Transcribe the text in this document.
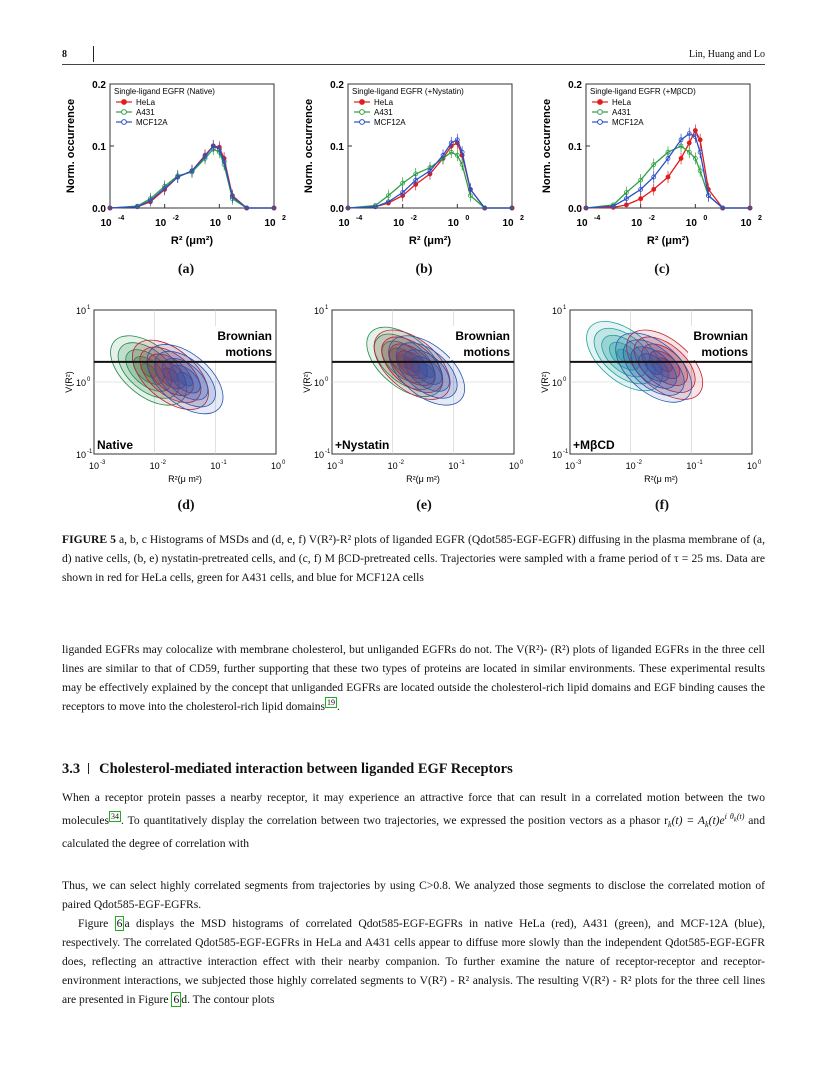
8	Lin, Huang and Lo
0.2
0.1
0.0
10 -4	10 -2	10 0	10 2
R² (μm²)
Norm. occurrence
Single-ligand EGFR (Native)
HeLa
A431
MCF12A
0.2
0.1
0.0
10 -4	10 -2	10 0	10 2
R² (μm²)
Norm. occurrence
Single-ligand EGFR (+Nystatin)
HeLa
A431
MCF12A
0.2
0.1
0.0
10 -4	10 -2	10 0	10 2
R² (μm²)
Norm. occurrence
Single-ligand EGFR (+MβCD)
HeLa
A431
MCF12A
(a)	(b)	(c)
Brownian
motions
Native
10 1
10 0
10 -1
10 -3	10 -2	10 -1	10 0
R²(μ m²)
V(R²)
Brownian
motions
+Nystatin
10 1
10 0
10 -1
10 -3	10 -2	10 -1	10 0
R²(μ m²)
V(R²)
Brownian
motions
+MβCD
10 1
10 0
10 -1
10 -3	10 -2	10 -1	10 0
R²(μ m²)
V(R²)
(d)	(e)	(f)
FIGURE 5 a, b, c Histograms of MSDs and (d, e, f) V(R²)-R² plots of liganded EGFR (Qdot585-EGF-EGFR) diffusing in the plasma membrane of (a, d) native cells, (b, e) nystatin-pretreated cells, and (c, f) M βCD-pretreated cells. Trajectories were sampled with a frame period of τ = 25 ms. Data are shown in red for HeLa cells, green for A431 cells, and blue for MCF12A cells
liganded EGFRs may colocalize with membrane cholesterol, but unliganded EGFRs do not. The V(R²)- (R²) plots of liganded EGFRs in the three cell lines are similar to that of CD59, further supporting that these two types of proteins are located in similar environments. These experimental results may be effectively explained by the concept that unliganded EGFRs are located outside the cholesterol-rich lipid domains and EGF binding causes the receptors to move into the cholesterol-rich lipid domains $^{19}$ .
3.3 Cholesterol-mediated interaction between liganded EGF Receptors
When a receptor protein passes a nearby receptor, it may experience an attractive force that can result in a correlated motion between the two molecules $^{34}$ . To quantitatively display the correlation between two trajectories, we expressed the position vectors as a phasor $r_k(t) = A_k(t)e^{i \theta_k(t)}$ and calculated the degree of correlation with
Thus, we can select highly correlated segments from trajectories by using C>0.8. We analyzed those segments to disclose the correlated motion of paired Qdot585-EGF-EGFRs.
Figure 6 a displays the MSD histograms of correlated Qdot585-EGF-EGFRs in native HeLa (red), A431 (green), and MCF-12A (blue), respectively. The correlated Qdot585-EGF-EGFRs in HeLa and A431 cells appear to diffuse more slowly than the independent Qdot585-EGF-EGFR does, reflecting an attractive interaction effect with their nearby companion. To further examine the nature of receptor-receptor and receptor-environment interactions, we subjected those highly correlated segments to V(R²) - R² analysis. The resulting V(R²) - R² plots for the three cell lines are presented in Figure 6 d. The contour plots
